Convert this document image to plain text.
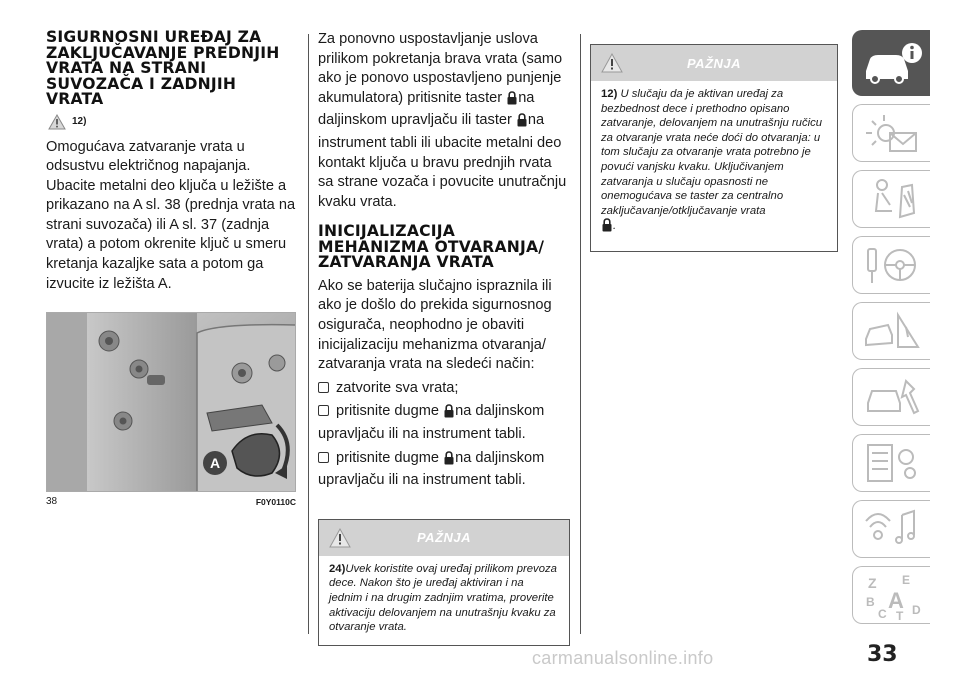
SIGURNOSNI UREĐAJ ZA ZAKLJUČAVANJE PREDNJIH VRATA NA STRANI SUVOZAČA I ZADNJIH VRATA
12)

Omogućava zatvaranje vrata u odsustvu električnog napajanja. Ubacite metalni deo ključa u ležište a prikazano na A sl. 38 (prednja vrata na strani suvozača) ili A sl. 37 (zadnja vrata) a potom okrenite ključ u smeru kretanja kazaljke sata a potom ga izvucite iz ležišta A.

A
38	F0Y0110C

Za ponovno uspostavljanje uslova prilikom pokretanja brava vrata (samo ako je ponovo uspostavljeno punjenje akumulatora) pritisnite taster na daljinskom upravljaču ili taster na instrument tabli ili ubacite metalni deo kontakt ključa u bravu prednjih rvata sa strane vozača i povucite unutračnju kvaku vrata.

INICIJALIZACIJA MEHANIZMA OTVARANJA/ ZATVARANJA VRATA

Ako se baterija slučajno ispraznila ili ako je došlo do prekida sigurnosnog osigurača, neophodno je obaviti inicijalizaciju mehanizma otvaranja/ zatvaranja vrata na sledeći način:

zatvorite sva vrata;
pritisnite dugme na daljinskom upravljaču ili na instrument tabli.
pritisnite dugme na daljinskom upravljaču ili na instrument tabli.
PAŽNJA
24)Uvek koristite ovaj uređaj prilikom prevoza dece. Nakon što je uređaj aktiviran i na jednim i na drugim zadnjim vratima, proverite aktivaciju delovanjem na unutrašnju kvaku za otvaranje vrata.
PAŽNJA
12) U slučaju da je aktivan uređaj za bezbednost dece i prethodno opisano zatvaranje, delovanjem na unutrašnju ručicu za otvaranje vrata neće doći do otvaranja: u tom slučaju za otvaranje vrata potrebno je povući vanjsku kvaku. Uključivanjem zatvaranja u slučaju opasnosti ne onemogućava se taster za centralno zaključavanje/otključavanje vrata
.
Z E
B A
C T D
33
carmanualsonline.info
